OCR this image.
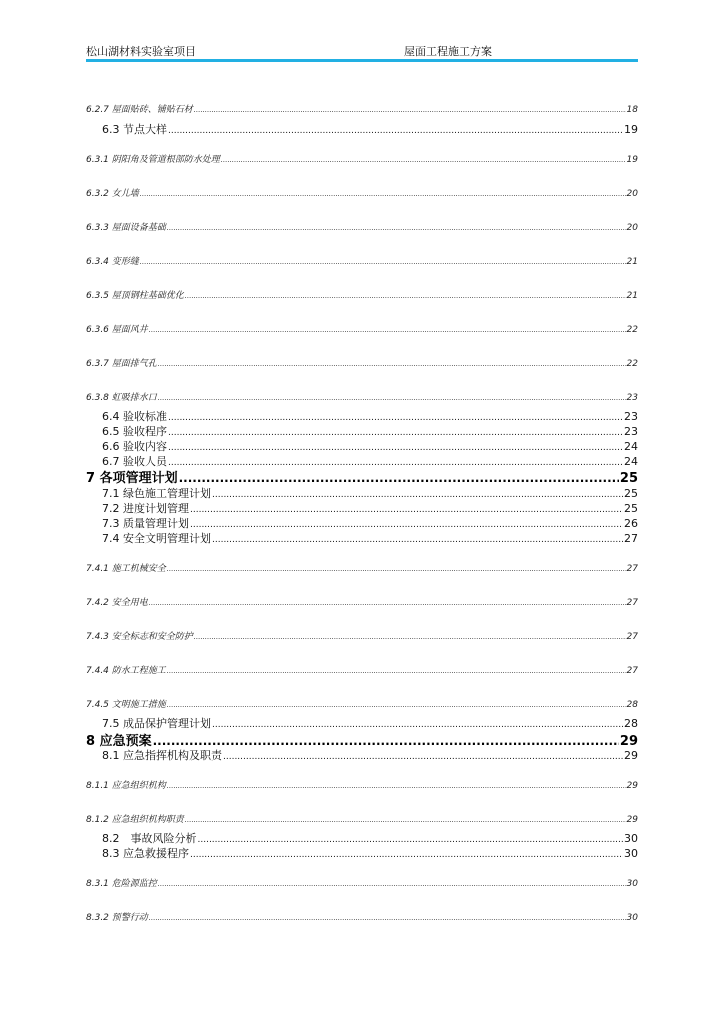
松山湖材料实验室项目	屋面工程施工方案
6.2.7 屋面贴砖、铺贴石材 .....	18
6.3 节点大样 .....	19
6.3.1 阴阳角及管道根部防水处理 .....	19
6.3.2 女儿墙 .....	20
6.3.3 屋面设备基础 .....	20
6.3.4 变形缝 .....	21
6.3.5 屋顶钢柱基础优化 .....	21
6.3.6 屋面风井 .....	22
6.3.7 屋面排气孔 .....	22
6.3.8 虹吸排水口 .....	23
6.4 验收标准 .....	23
6.5 验收程序 .....	23
6.6 验收内容 .....	24
6.7 验收人员 .....	24
7 各项管理计划 .....	25
7.1 绿色施工管理计划 .....	25
7.2 进度计划管理 .....	25
7.3 质量管理计划 .....	26
7.4 安全文明管理计划 .....	27
7.4.1 施工机械安全 .....	27
7.4.2 安全用电 .....	27
7.4.3 安全标志和安全防护 .....	27
7.4.4 防水工程施工 .....	27
7.4.5 文明施工措施 .....	28
7.5 成品保护管理计划 .....	28
8 应急预案 .....	29
8.1 应急指挥机构及职责 .....	29
8.1.1 应急组织机构 .....	29
8.1.2 应急组织机构职责 .....	29
8.2　事故风险分析 .....	30
8.3 应急救援程序 .....	30
8.3.1 危险源监控 .....	30
8.3.2 预警行动 .....	30
